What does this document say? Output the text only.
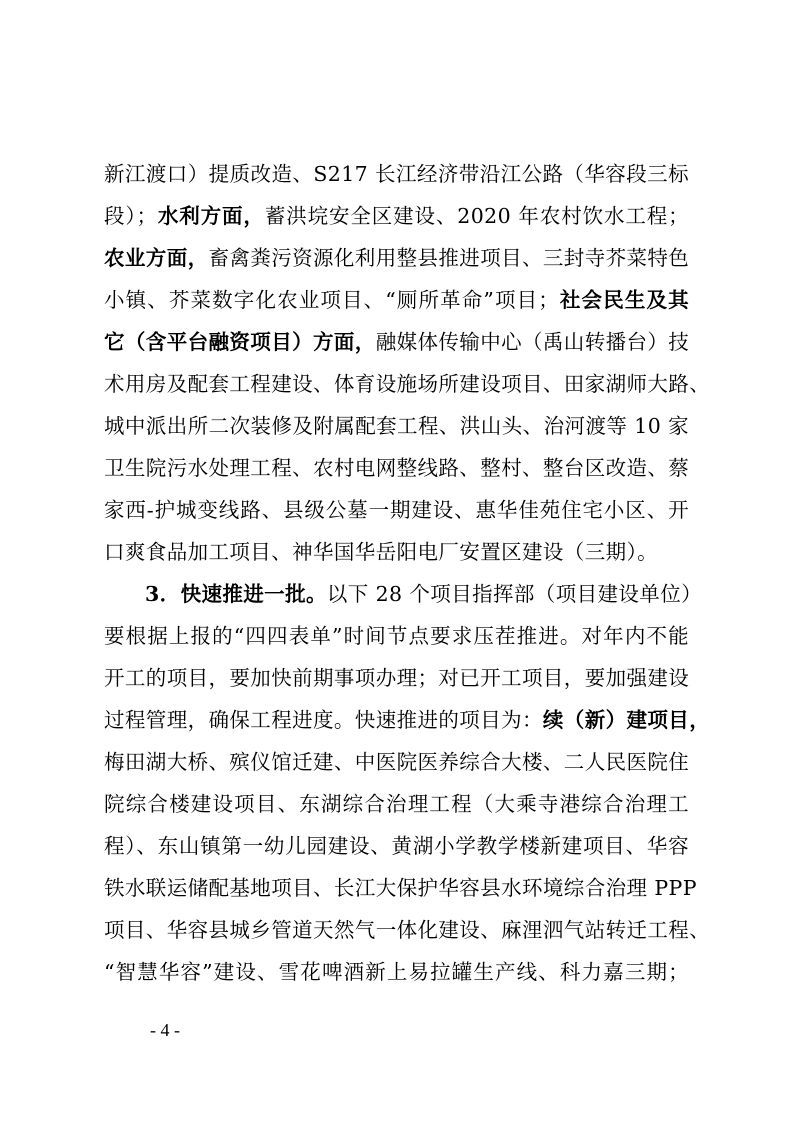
新江渡口）提质改造、S217 长江经济带沿江公路（华容段三标
段）；水利方面，蓄洪垸安全区建设、2020 年农村饮水工程；
农业方面，畜禽粪污资源化利用整县推进项目、三封寺芥菜特色
小镇、芥菜数字化农业项目、“厕所革命”项目；社会民生及其
它（含平台融资项目）方面，融媒体传输中心（禹山转播台）技
术用房及配套工程建设、体育设施场所建设项目、田家湖师大路、
城中派出所二次装修及附属配套工程、洪山头、治河渡等 10 家
卫生院污水处理工程、农村电网整线路、整村、整台区改造、蔡
家西-护城变线路、县级公墓一期建设、惠华佳苑住宅小区、开
口爽食品加工项目、神华国华岳阳电厂安置区建设（三期）。
3．快速推进一批。以下 28 个项目指挥部（项目建设单位）
要根据上报的“四四表单”时间节点要求压茬推进。对年内不能
开工的项目，要加快前期事项办理；对已开工项目，要加强建设
过程管理，确保工程进度。快速推进的项目为：续（新）建项目，
梅田湖大桥、殡仪馆迁建、中医院医养综合大楼、二人民医院住
院综合楼建设项目、东湖综合治理工程（大乘寺港综合治理工
程）、东山镇第一幼儿园建设、黄湖小学教学楼新建项目、华容
铁水联运储配基地项目、长江大保护华容县水环境综合治理 PPP
项目、华容县城乡管道天然气一体化建设、麻浬泗气站转迁工程、
“智慧华容”建设、雪花啤酒新上易拉罐生产线、科力嘉三期；
- 4 -
